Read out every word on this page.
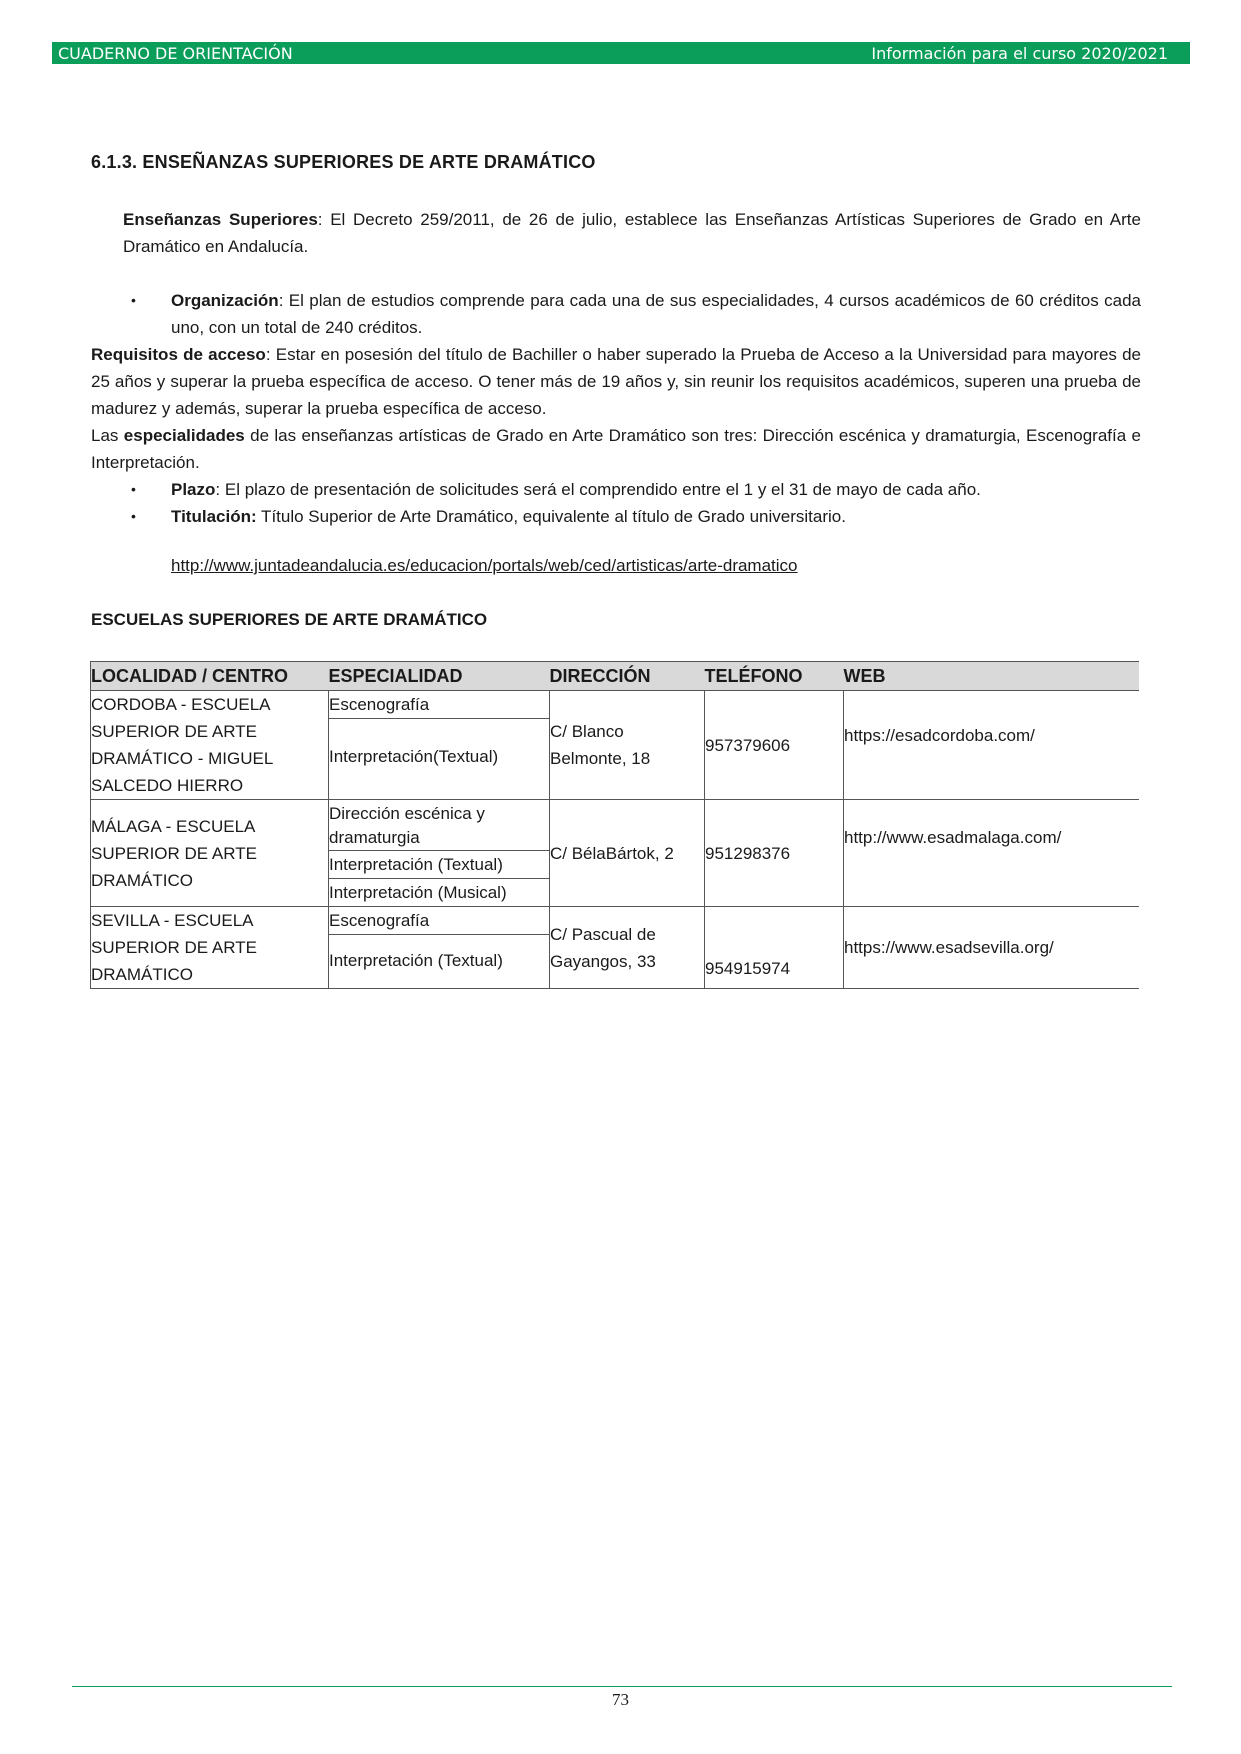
CUADERNO DE ORIENTACIÓN	Información para el curso 2020/2021
6.1.3. ENSEÑANZAS SUPERIORES DE ARTE DRAMÁTICO

Enseñanzas Superiores: El Decreto 259/2011, de 26 de julio, establece las Enseñanzas Artísticas Superiores de Grado en Arte Dramático en Andalucía.

•	Organización: El plan de estudios comprende para cada una de sus especialidades, 4 cursos académicos de 60 créditos cada uno, con un total de 240 créditos.

Requisitos de acceso: Estar en posesión del título de Bachiller o haber superado la Prueba de Acceso a la Universidad para mayores de 25 años y superar la prueba específica de acceso. O tener más de 19 años y, sin reunir los requisitos académicos, superen una prueba de madurez y además, superar la prueba específica de acceso.

Las especialidades de las enseñanzas artísticas de Grado en Arte Dramático son tres: Dirección escénica y dramaturgia, Escenografía e Interpretación.

•	Plazo: El plazo de presentación de solicitudes será el comprendido entre el 1 y el 31 de mayo de cada año.
•	Titulación: Título Superior de Arte Dramático, equivalente al título de Grado universitario.
http://www.juntadeandalucia.es/educacion/portals/web/ced/artisticas/arte-dramatico
ESCUELAS SUPERIORES DE ARTE DRAMÁTICO
LOCALIDAD / CENTRO	ESPECIALIDAD	DIRECCIÓN	TELÉFONO	WEB
CORDOBA - ESCUELA SUPERIOR DE ARTE DRAMÁTICO - MIGUEL SALCEDO HIERRO	Escenografía
Interpretación(Textual)	C/ Blanco Belmonte, 18	957379606	https://esadcordoba.com/
MÁLAGA - ESCUELA SUPERIOR DE ARTE DRAMÁTICO	Dirección escénica y dramaturgia
Interpretación (Textual)
Interpretación (Musical)	C/ BélaBártok, 2	951298376	http://www.esadmalaga.com/
SEVILLA - ESCUELA SUPERIOR DE ARTE DRAMÁTICO	Escenografía
Interpretación (Textual)	C/ Pascual de Gayangos, 33	954915974	https://www.esadsevilla.org/
73
